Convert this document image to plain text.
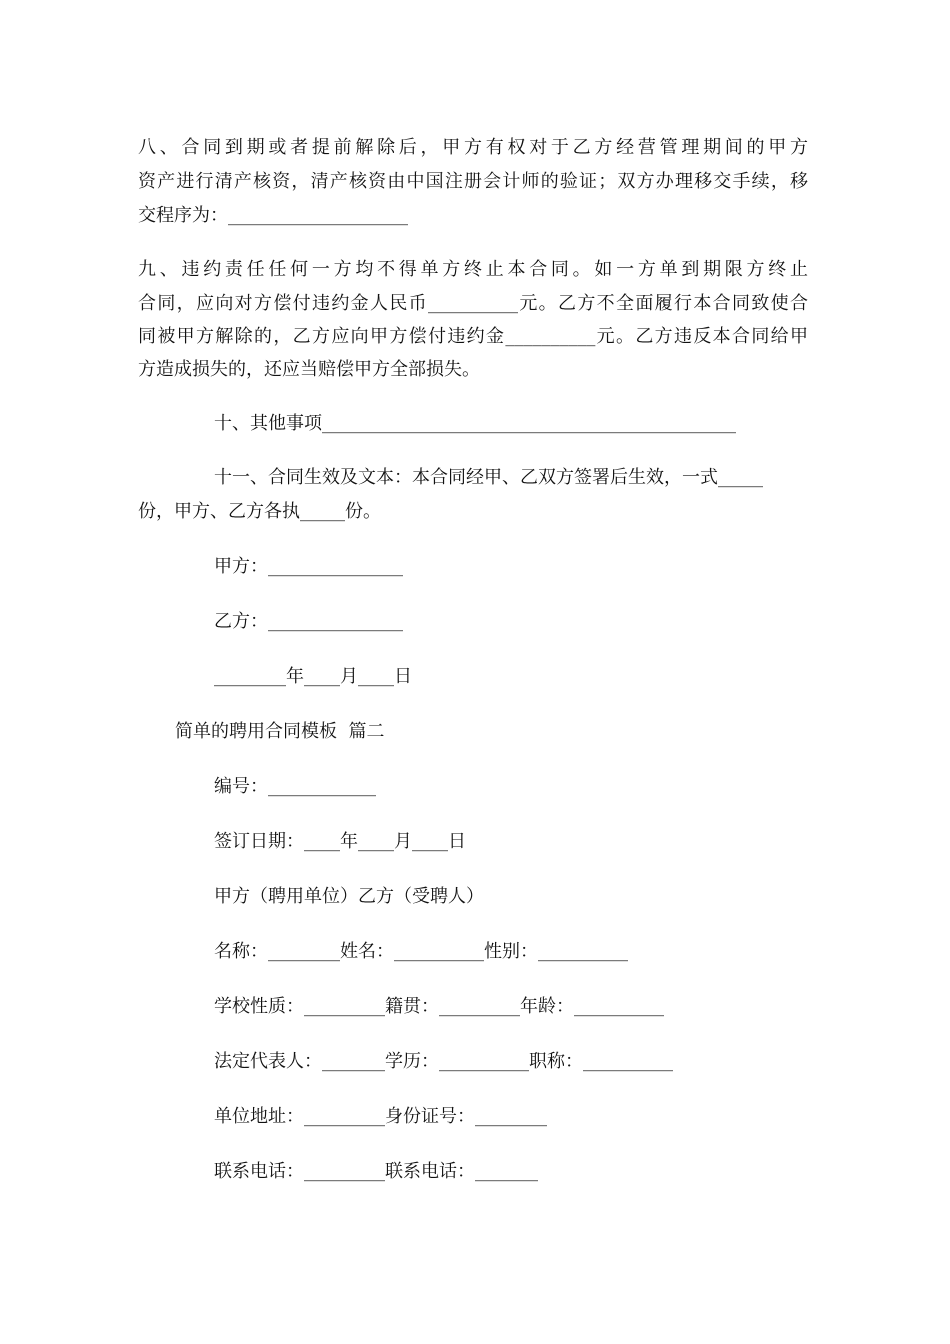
八、合同到期或者提前解除后，甲方有权对于乙方经营管理期间的甲方
资产进行清产核资，清产核资由中国注册会计师的验证；双方办理移交手续，移
交程序为：____________________
九、违约责任任何一方均不得单方终止本合同。如一方单到期限方终止
合同，应向对方偿付违约金人民币__________元。乙方不全面履行本合同致使合
同被甲方解除的，乙方应向甲方偿付违约金__________元。乙方违反本合同给甲
方造成损失的，还应当赔偿甲方全部损失。
十、其他事项______________________________________________
十一、合同生效及文本：本合同经甲、乙双方签署后生效，一式_____
份，甲方、乙方各执_____份。
甲方：_______________
乙方：_______________
________年____月____日
简单的聘用合同模板  篇二
编号：____________
签订日期：____年____月____日
甲方（聘用单位）乙方（受聘人）
名称：________姓名：__________性别：__________
学校性质：_________籍贯：_________年龄：__________
法定代表人：_______学历：__________职称：__________
单位地址：_________身份证号：________
联系电话：_________联系电话：_______
